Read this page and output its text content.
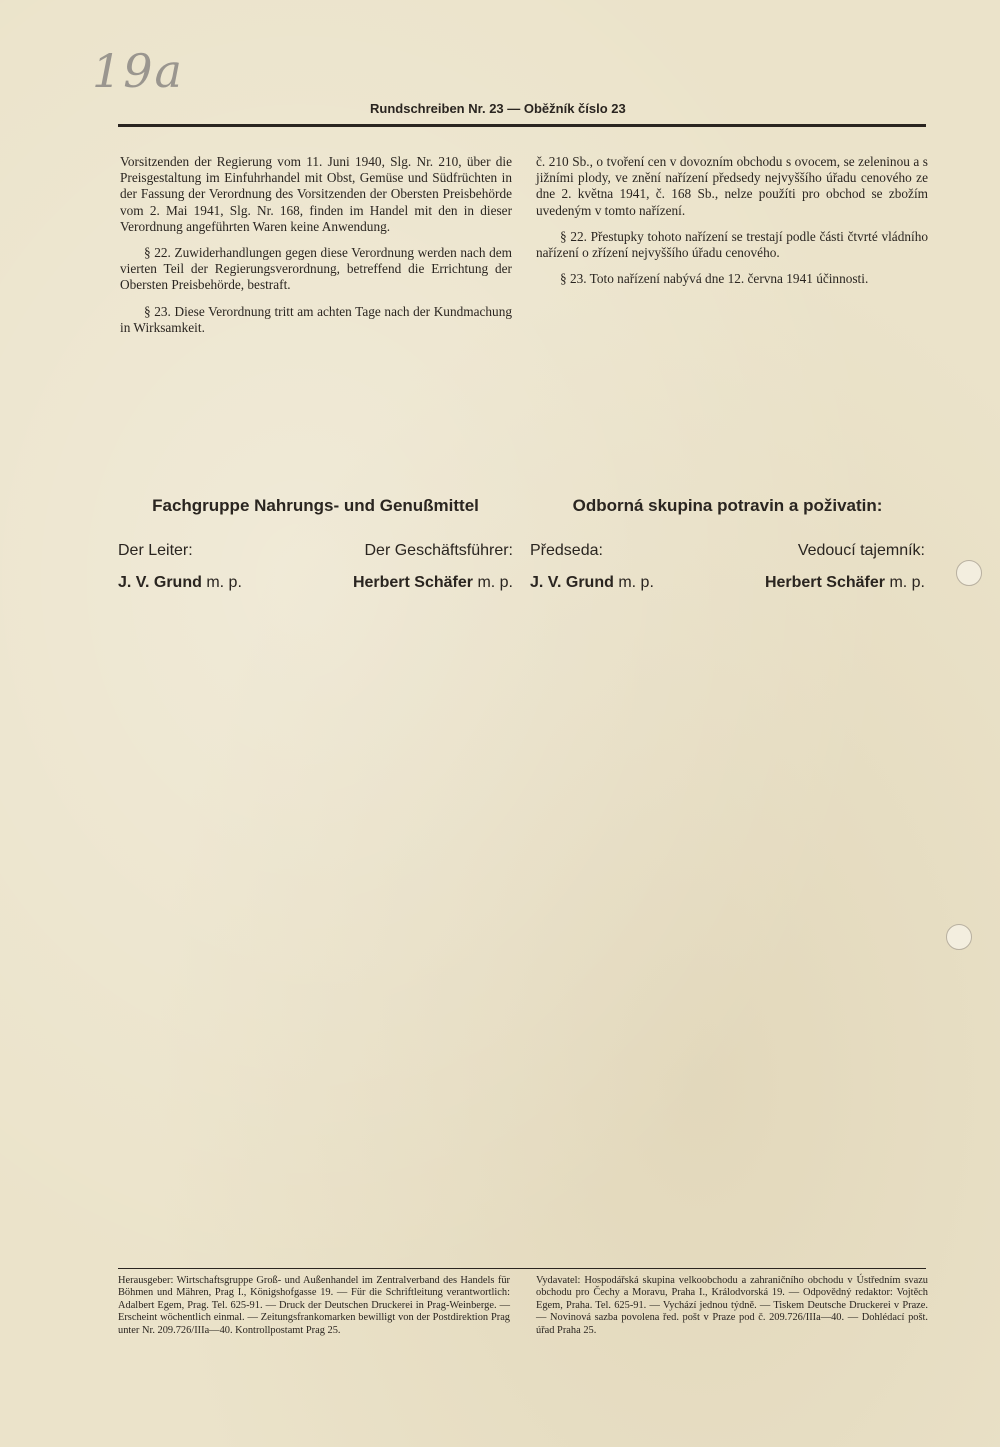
19a
Rundschreiben Nr. 23 — Oběžník číslo 23

Vorsitzenden der Regierung vom 11. Juni 1940, Slg. Nr. 210, über die Preisgestaltung im Einfuhrhandel mit Obst, Gemüse und Südfrüchten in der Fassung der Verordnung des Vorsitzenden der Obersten Preisbehörde vom 2. Mai 1941, Slg. Nr. 168, finden im Handel mit den in dieser Verordnung angeführten Waren keine Anwendung.

§ 22. Zuwiderhandlungen gegen diese Verordnung werden nach dem vierten Teil der Regierungsverordnung, betreffend die Errichtung der Obersten Preisbehörde, bestraft.

§ 23. Diese Verordnung tritt am achten Tage nach der Kundmachung in Wirksamkeit.

č. 210 Sb., o tvoření cen v dovozním obchodu s ovocem, se zeleninou a s jižními plody, ve znění nařízení předsedy nejvyššího úřadu cenového ze dne 2. května 1941, č. 168 Sb., nelze použíti pro obchod se zbožím uvedeným v tomto nařízení.

§ 22. Přestupky tohoto nařízení se trestají podle části čtvrté vládního nařízení o zřízení nejvyššího úřadu cenového.

§ 23. Toto nařízení nabývá dne 12. června 1941 účinnosti.

Fachgruppe Nahrungs- und Genußmittel
Der Leiter:	Der Geschäftsführer:
J. V. Grund m. p.	Herbert Schäfer m. p.
Odborná skupina potravin a poživatin:
Předseda:	Vedoucí tajemník:
J. V. Grund m. p.	Herbert Schäfer m. p.
Herausgeber: Wirtschaftsgruppe Groß- und Außenhandel im Zentralverband des Handels für Böhmen und Mähren, Prag I., Königshofgasse 19. — Für die Schriftleitung verantwortlich: Adalbert Egem, Prag. Tel. 625-91. — Druck der Deutschen Druckerei in Prag-Weinberge. — Erscheint wöchentlich einmal. — Zeitungsfrankomarken bewilligt von der Postdirektion Prag unter Nr. 209.726/IIIa—40. Kontrollpostamt Prag 25.
Vydavatel: Hospodářská skupina velkoobchodu a zahraničního obchodu v Ústředním svazu obchodu pro Čechy a Moravu, Praha I., Králodvorská 19. — Odpovědný redaktor: Vojtěch Egem, Praha. Tel. 625-91. — Vychází jednou týdně. — Tiskem Deutsche Druckerei v Praze. — Novinová sazba povolena řed. pošt v Praze pod č. 209.726/IIIa—40. — Dohlédací pošt. úřad Praha 25.
